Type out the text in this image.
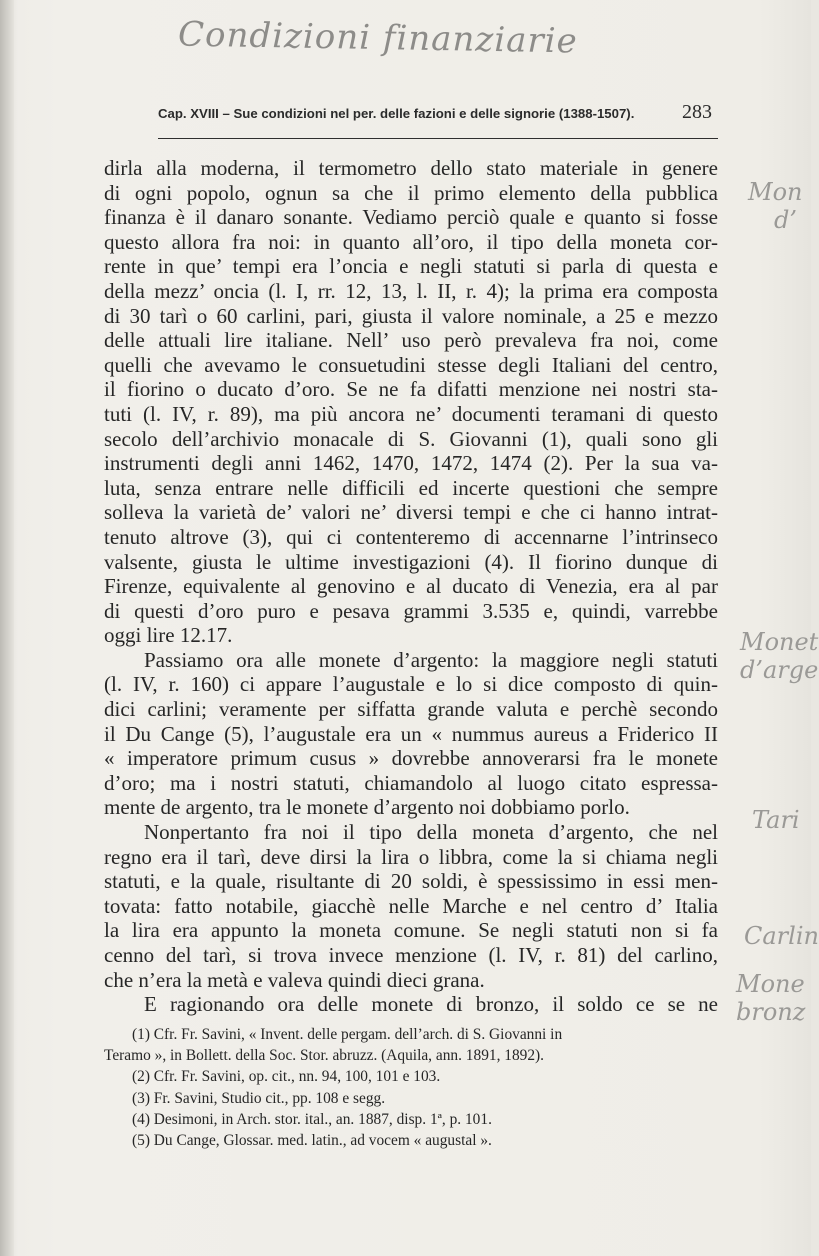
Condizioni finanziarie
Cap. XVIII – Sue condizioni nel per. delle fazioni e delle signorie (1388-1507). 283
dirla alla moderna, il termometro dello stato materiale in genere
di ogni popolo, ognun sa che il primo elemento della pubblica
finanza è il danaro sonante. Vediamo perciò quale e quanto si fosse
questo allora fra noi: in quanto all’oro, il tipo della moneta cor-
rente in que’ tempi era l’oncia e negli statuti si parla di questa e
della mezz’ oncia (l. I, rr. 12, 13, l. II, r. 4); la prima era composta
di 30 tarì o 60 carlini, pari, giusta il valore nominale, a 25 e mezzo
delle attuali lire italiane. Nell’ uso però prevaleva fra noi, come
quelli che avevamo le consuetudini stesse degli Italiani del centro,
il fiorino o ducato d’oro. Se ne fa difatti menzione nei nostri sta-
tuti (l. IV, r. 89), ma più ancora ne’ documenti teramani di questo
secolo dell’archivio monacale di S. Giovanni (1), quali sono gli
instrumenti degli anni 1462, 1470, 1472, 1474 (2). Per la sua va-
luta, senza entrare nelle difficili ed incerte questioni che sempre
solleva la varietà de’ valori ne’ diversi tempi e che ci hanno intrat-
tenuto altrove (3), qui ci contenteremo di accennarne l’intrinseco
valsente, giusta le ultime investigazioni (4). Il fiorino dunque di
Firenze, equivalente al genovino e al ducato di Venezia, era al par
di questi d’oro puro e pesava grammi 3.535 e, quindi, varrebbe
oggi lire 12.17.
Passiamo ora alle monete d’argento: la maggiore negli statuti
(l. IV, r. 160) ci appare l’augustale e lo si dice composto di quin-
dici carlini; veramente per siffatta grande valuta e perchè secondo
il Du Cange (5), l’augustale era un « nummus aureus a Friderico II
« imperatore primum cusus » dovrebbe annoverarsi fra le monete
d’oro; ma i nostri statuti, chiamandolo al luogo citato espressa-
mente de argento, tra le monete d’argento noi dobbiamo porlo.
Nonpertanto fra noi il tipo della moneta d’argento, che nel
regno era il tarì, deve dirsi la lira o libbra, come la si chiama negli
statuti, e la quale, risultante di 20 soldi, è spessissimo in essi men-
tovata: fatto notabile, giacchè nelle Marche e nel centro d’ Italia
la lira era appunto la moneta comune. Se negli statuti non si fa
cenno del tarì, si trova invece menzione (l. IV, r. 81) del carlino,
che n’era la metà e valeva quindi dieci grana.
E ragionando ora delle monete di bronzo, il soldo ce se ne
(1) Cfr. Fr. Savini, « Invent. delle pergam. dell’arch. di S. Giovanni in
Teramo », in Bollett. della Soc. Stor. abruzz. (Aquila, ann. 1891, 1892).
(2) Cfr. Fr. Savini, op. cit., nn. 94, 100, 101 e 103.
(3) Fr. Savini, Studio cit., pp. 108 e segg.
(4) Desimoni, in Arch. stor. ital., an. 1887, disp. 1ª, p. 101.
(5) Du Cange, Glossar. med. latin., ad vocem « augustal ».
Mon
d’
Monet
d’arge
Tari
Carlin
Mone
bronz
